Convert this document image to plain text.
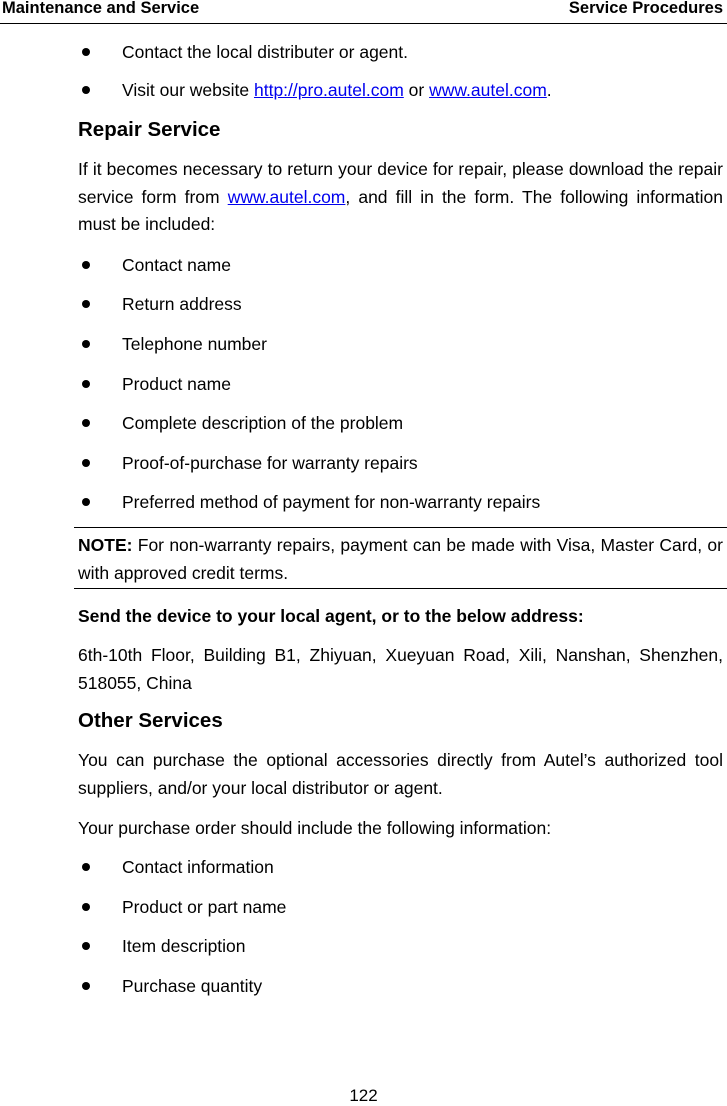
Maintenance and Service	Service Procedures
Contact the local distributer or agent.
Visit our website http://pro.autel.com or www.autel.com.
Repair Service
If it becomes necessary to return your device for repair, please download the repair service form from www.autel.com, and fill in the form. The following information must be included:
Contact name
Return address
Telephone number
Product name
Complete description of the problem
Proof-of-purchase for warranty repairs
Preferred method of payment for non-warranty repairs
NOTE: For non-warranty repairs, payment can be made with Visa, Master Card, or with approved credit terms.
Send the device to your local agent, or to the below address:
6th-10th Floor, Building B1, Zhiyuan, Xueyuan Road, Xili, Nanshan, Shenzhen, 518055, China
Other Services
You can purchase the optional accessories directly from Autel’s authorized tool suppliers, and/or your local distributor or agent.
Your purchase order should include the following information:
Contact information
Product or part name
Item description
Purchase quantity
122
